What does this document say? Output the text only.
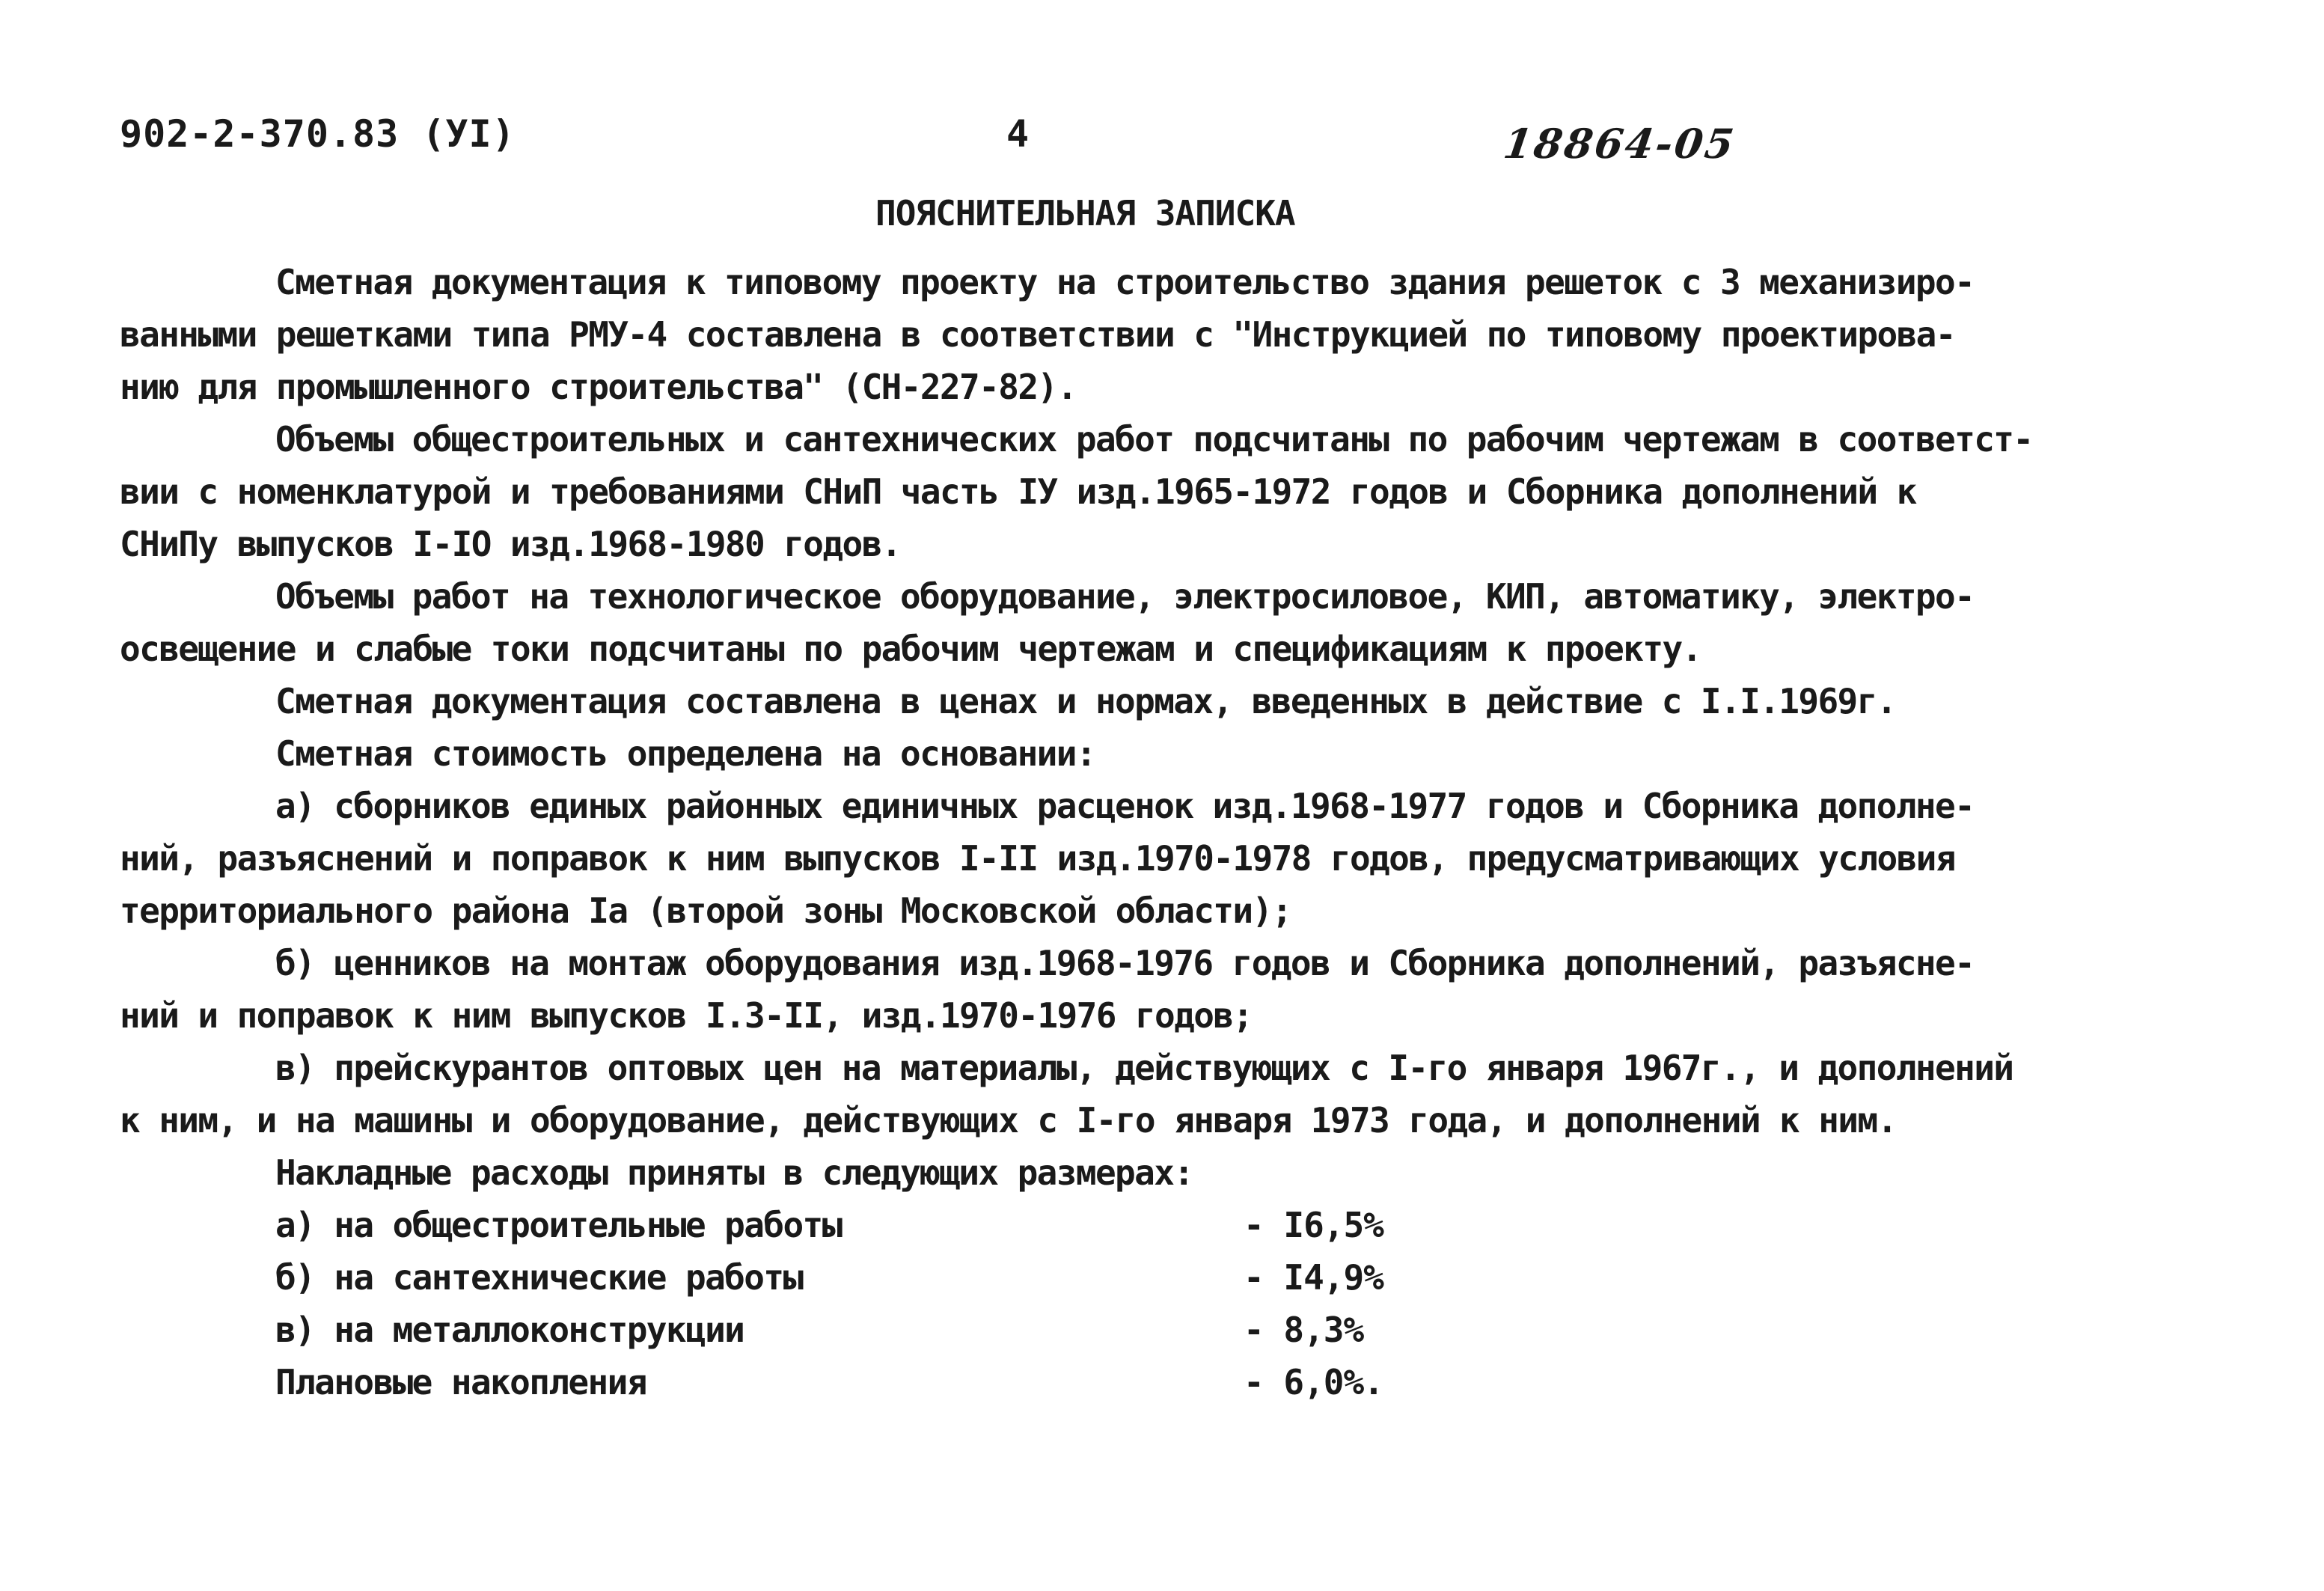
902-2-370.83 (УI)	4	18864-05
ПОЯСНИТЕЛЬНАЯ ЗАПИСКА
Сметная документация к типовому проекту на строительство здания решеток с 3 механизиро-
ванными решетками типа РМУ-4 составлена в соответствии с "Инструкцией по типовому проектирова-
нию для промышленного строительства" (СН-227-82).
Объемы общестроительных и сантехнических работ подсчитаны по рабочим чертежам в соответст-
вии с номенклатурой и требованиями СНиП часть IУ изд.1965-1972 годов и Сборника дополнений к
СНиПу выпусков I-IO изд.1968-1980 годов.
Объемы работ на технологическое оборудование, электросиловое, КИП, автоматику, электро-
освещение и слабые токи подсчитаны по рабочим чертежам и спецификациям к проекту.
Сметная документация составлена в ценах и нормах, введенных в действие с I.I.1969г.
Сметная стоимость определена на основании:
а) сборников единых районных единичных расценок изд.1968-1977 годов и Сборника дополне-
ний, разъяснений и поправок к ним выпусков I-II изд.1970-1978 годов, предусматривающих условия
территориального района Iа (второй зоны Московской области);
б) ценников на монтаж оборудования изд.1968-1976 годов и Сборника дополнений, разъясне-
ний и поправок к ним выпусков I.3-II, изд.1970-1976 годов;
в) прейскурантов оптовых цен на материалы, действующих с I-го января 1967г., и дополнений
к ним, и на машины и оборудование, действующих с I-го января 1973 года, и дополнений к ним.
Накладные расходы приняты в следующих размерах:
а) на общестроительные работы	- I6,5%
б) на сантехнические работы	- I4,9%
в) на металлоконструкции	- 8,3%
Плановые накопления	- 6,0%.
